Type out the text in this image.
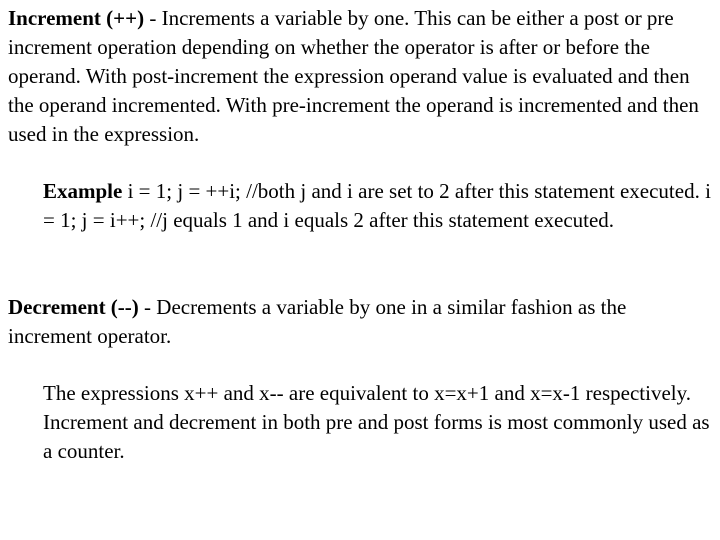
Increment (++) - Increments a variable by one. This can be either a post or pre increment operation depending on whether the operator is after or before the operand. With post-increment the expression operand value is evaluated and then the operand incremented. With pre-increment the operand is incremented and then used in the expression.

Example i = 1; j = ++i; //both j and i are set to 2 after this statement executed. i = 1; j = i++; //j equals 1 and i equals 2 after this statement executed.

Decrement (--) - Decrements a variable by one in a similar fashion as the increment operator.

The expressions x++ and x-- are equivalent to x=x+1 and x=x-1 respectively. Increment and decrement in both pre and post forms is most commonly used as a counter.
